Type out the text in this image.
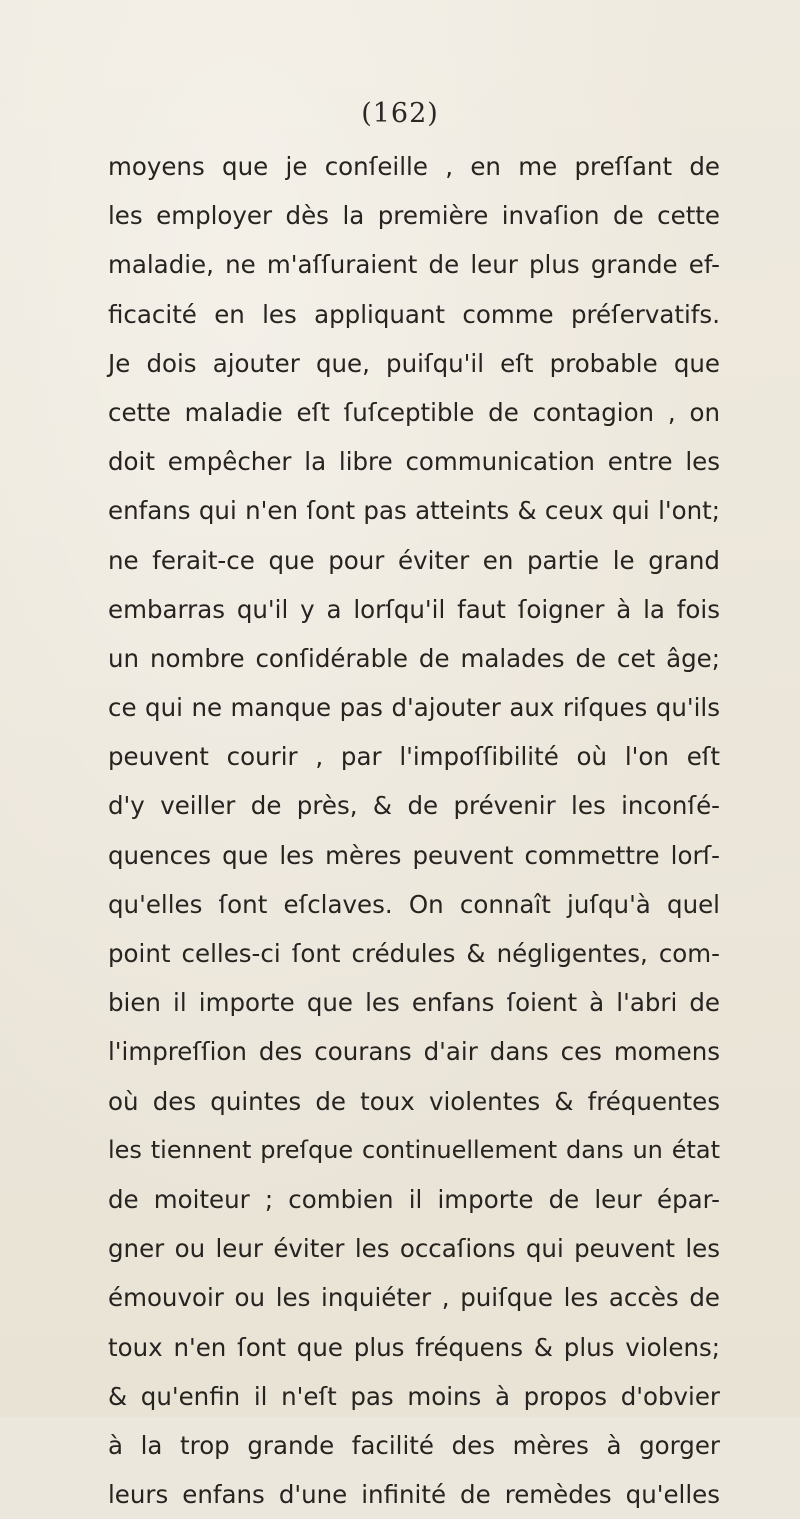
(162)
moyens que je conſeille , en me preſſant de
les employer dès la première invaſion de cette
maladie, ne m'aſſuraient de leur plus grande ef-
ficacité en les appliquant comme préſervatifs.
Je dois ajouter que, puiſqu'il eſt probable que
cette maladie eſt ſuſceptible de contagion , on
doit empêcher la libre communication entre les
enfans qui n'en ſont pas atteints & ceux qui l'ont;
ne ferait-ce que pour éviter en partie le grand
embarras qu'il y a lorſqu'il faut ſoigner à la fois
un nombre conſidérable de malades de cet âge;
ce qui ne manque pas d'ajouter aux riſques qu'ils
peuvent courir , par l'impoſſibilité où l'on eſt
d'y veiller de près, & de prévenir les inconſé-
quences que les mères peuvent commettre lorſ-
qu'elles ſont eſclaves. On connaît juſqu'à quel
point celles-ci ſont crédules & négligentes, com-
bien il importe que les enfans ſoient à l'abri de
l'impreſſion des courans d'air dans ces momens
où des quintes de toux violentes & fréquentes
les tiennent preſque continuellement dans un état
de moiteur ; combien il importe de leur épar-
gner ou leur éviter les occaſions qui peuvent les
émouvoir ou les inquiéter , puiſque les accès de
toux n'en ſont que plus fréquens & plus violens;
& qu'enfin il n'eſt pas moins à propos d'obvier
à la trop grande facilité des mères à gorger
leurs enfans d'une infinité de remèdes qu'elles
